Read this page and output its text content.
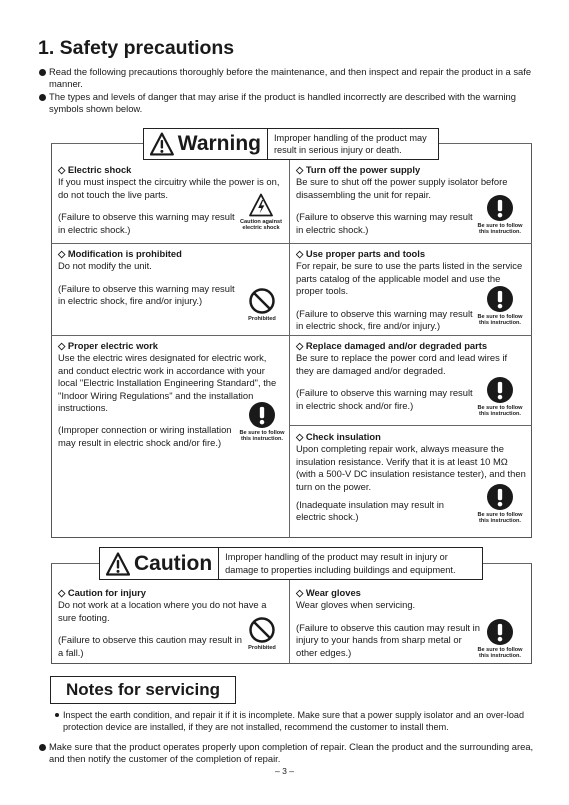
1. Safety precautions
Read the following precautions thoroughly before the maintenance, and then inspect and repair the product in a safe manner.
The types and levels of danger that may arise if the product is handled incorrectly are described with the warning symbols shown below.
Warning	Improper handling of the product may result in serious injury or death.
◇ Electric shock
If you must inspect the circuitry while the power is on, do not touch the live parts.
(Failure to observe this warning may result in electric shock.)
Caution against electric shock
◇ Turn off the power supply
Be sure to shut off the power supply isolator before disassembling the unit for repair.
(Failure to observe this warning may result in electric shock.)	Be sure to follow this instruction.
◇ Modification is prohibited
Do not modify the unit.
(Failure to observe this warning may result in electric shock, fire and/or injury.)
Prohibited
◇ Use proper parts and tools
For repair, be sure to use the parts listed in the service parts catalog of the applicable model and use the proper tools.
(Failure to observe this warning may result in electric shock, fire and/or injury.)
Be sure to follow this instruction.
◇ Proper electric work
Use the electric wires designated for electric work, and conduct electric work in accordance with your local "Electric Installation Engineering Standard", the "Indoor Wiring Regulations" and the installation instructions.
(Improper connection or wiring installation may result in electric shock and/or fire.)
Be sure to follow this instruction.
◇ Replace damaged and/or degraded parts
Be sure to replace the power cord and lead wires if they are damaged and/or degraded.
(Failure to observe this warning may result in electric shock and/or fire.)	Be sure to follow this instruction.
◇ Check insulation
Upon completing repair work, always measure the insulation resistance. Verify that it is at least 10 MΩ (with a 500-V DC insulation resistance tester), and then turn on the power.
(Inadequate insulation may result in electric shock.)	Be sure to follow this instruction.
Caution	Improper handling of the product may result in injury or damage to properties including buildings and equipment.
◇ Caution for injury
Do not work at a location where you do not have a sure footing.
(Failure to observe this caution may result in a fall.)	Prohibited
◇ Wear gloves
Wear gloves when servicing.
(Failure to observe this caution may result in injury to your hands from sharp metal or other edges.)	Be sure to follow this instruction.
Notes for servicing
Inspect the earth condition, and repair it if it is incomplete. Make sure that a power supply isolator and an over-load protection device are installed, if they are not installed, recommend the customer to install them.
Make sure that the product operates properly upon completion of repair. Clean the product and the surrounding area, and then notify the customer of the completion of repair.
– 3 –
